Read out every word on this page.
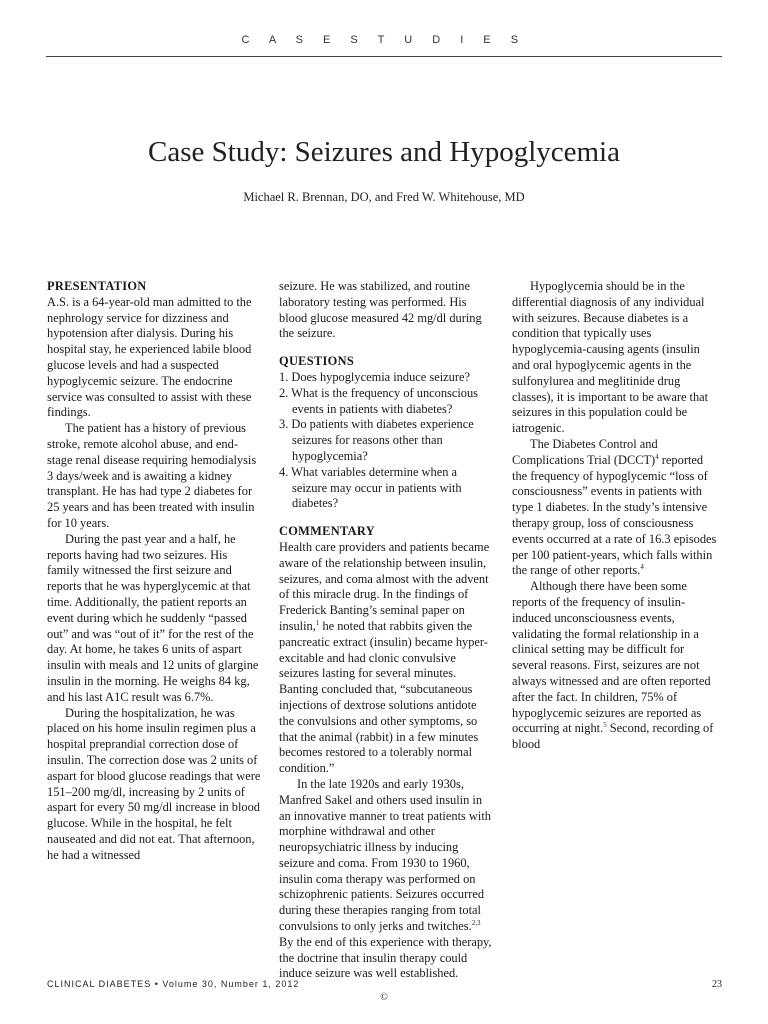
C A S E S T U D I E S
Case Study: Seizures and Hypoglycemia
Michael R. Brennan, DO, and Fred W. Whitehouse, MD
PRESENTATION

A.S. is a 64-year-old man admitted to the nephrology service for dizziness and hypotension after dialysis. During his hospital stay, he experienced labile blood glucose levels and had a suspected hypoglycemic seizure. The endocrine service was consulted to assist with these findings.

The patient has a history of previous stroke, remote alcohol abuse, and end-stage renal disease requiring hemodialysis 3 days/week and is awaiting a kidney transplant. He has had type 2 diabetes for 25 years and has been treated with insulin for 10 years.

During the past year and a half, he reports having had two seizures. His family witnessed the first seizure and reports that he was hyperglycemic at that time. Additionally, the patient reports an event during which he suddenly “passed out” and was “out of it” for the rest of the day. At home, he takes 6 units of aspart insulin with meals and 12 units of glargine insulin in the morning. He weighs 84 kg, and his last A1C result was 6.7%.

During the hospitalization, he was placed on his home insulin regimen plus a hospital preprandial correction dose of insulin. The correction dose was 2 units of aspart for blood glucose readings that were 151–200 mg/dl, increasing by 2 units of aspart for every 50 mg/dl increase in blood glucose. While in the hospital, he felt nauseated and did not eat. That afternoon, he had a witnessed

seizure. He was stabilized, and routine laboratory testing was performed. His blood glucose measured 42 mg/dl during the seizure.

QUESTIONS
1. Does hypoglycemia induce seizure?
2. What is the frequency of unconscious events in patients with diabetes?
3. Do patients with diabetes experience seizures for reasons other than hypoglycemia?
4. What variables determine when a seizure may occur in patients with diabetes?
COMMENTARY

Health care providers and patients became aware of the relationship between insulin, seizures, and coma almost with the advent of this miracle drug. In the findings of Frederick Banting’s seminal paper on insulin,$^1$ he noted that rabbits given the pancreatic extract (insulin) became hyper-excitable and had clonic convulsive seizures lasting for several minutes. Banting concluded that, “subcutaneous injections of dextrose solutions antidote the convulsions and other symptoms, so that the animal (rabbit) in a few minutes becomes restored to a tolerably normal condition.”

In the late 1920s and early 1930s, Manfred Sakel and others used insulin in an innovative manner to treat patients with morphine withdrawal and other neuropsychiatric illness by inducing seizure and coma. From 1930 to 1960, insulin coma therapy was performed on schizophrenic patients. Seizures occurred during these therapies ranging from total convulsions to only jerks and twitches.$^{2,3}$ By the end of this experience with therapy, the doctrine that insulin therapy could induce seizure was well established.

Hypoglycemia should be in the differential diagnosis of any individual with seizures. Because diabetes is a condition that typically uses hypoglycemia-causing agents (insulin and oral hypoglycemic agents in the sulfonylurea and meglitinide drug classes), it is important to be aware that seizures in this population could be iatrogenic.

The Diabetes Control and Complications Trial (DCCT)$^4$ reported the frequency of hypoglycemic “loss of consciousness” events in patients with type 1 diabetes. In the study’s intensive therapy group, loss of consciousness events occurred at a rate of 16.3 episodes per 100 patient-years, which falls within the range of other reports.$^4$

Although there have been some reports of the frequency of insulin-induced unconsciousness events, validating the formal relationship in a clinical setting may be difficult for several reasons. First, seizures are not always witnessed and are often reported after the fact. In children, 75% of hypoglycemic seizures are reported as occurring at night.$^5$ Second, recording of blood

CLINICAL DIABETES • Volume 30, Number 1, 2012	23
©
